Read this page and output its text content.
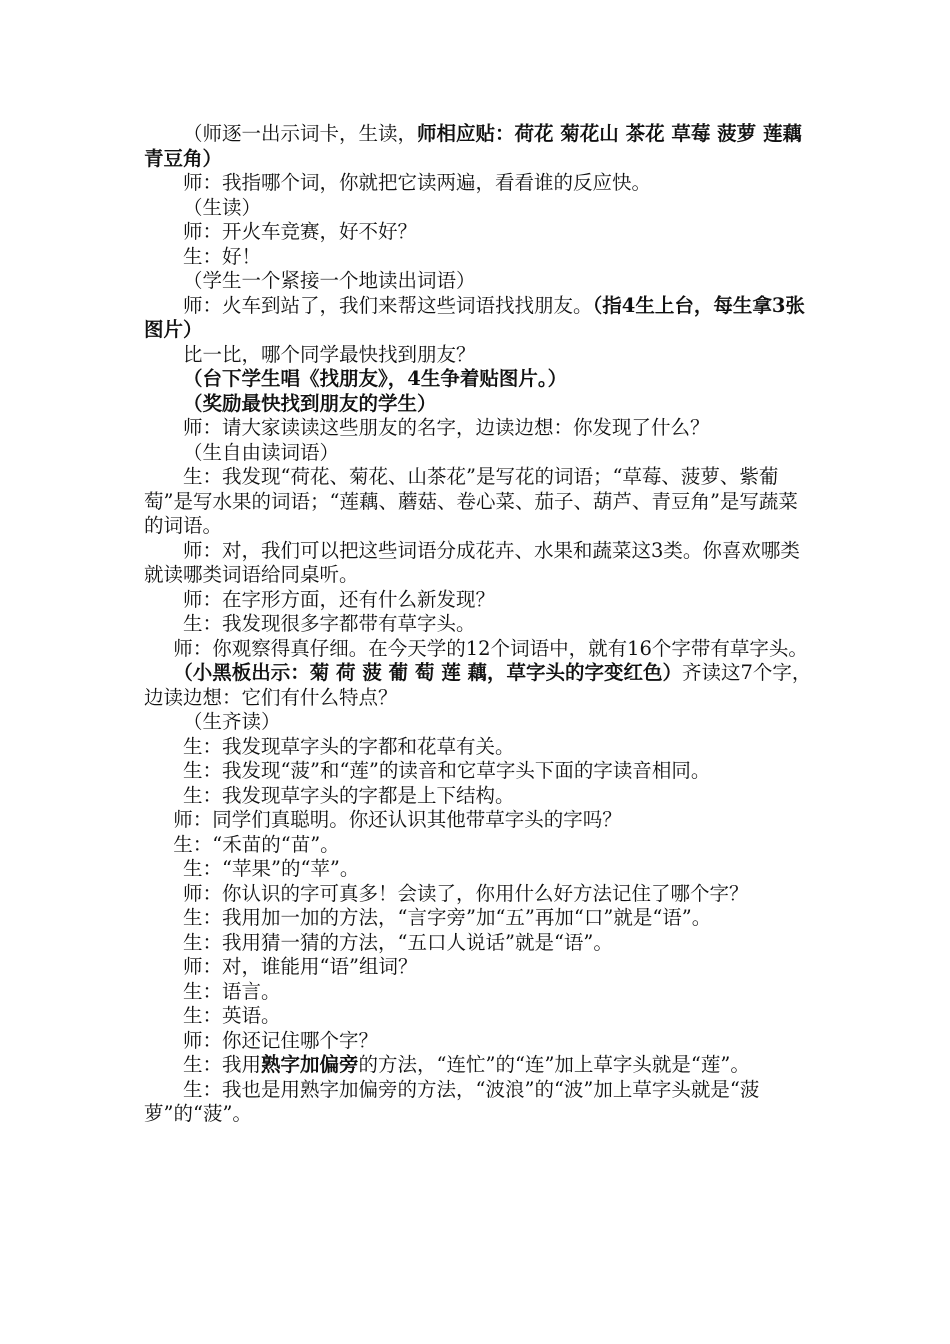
（师逐一出示词卡，生读，师相应贴：荷花 菊花山 茶花 草莓 菠萝 莲藕 青豆角）

师：我指哪个词，你就把它读两遍，看看谁的反应快。

（生读）

师：开火车竞赛，好不好？

生：好！

（学生一个紧接一个地读出词语）

师：火车到站了，我们来帮这些词语找找朋友。（指4生上台，每生拿3张图片）

比一比，哪个同学最快找到朋友？

（台下学生唱《找朋友》，4生争着贴图片。）

（奖励最快找到朋友的学生）

师：请大家读读这些朋友的名字，边读边想：你发现了什么？

（生自由读词语）

生：我发现“荷花、菊花、山茶花”是写花的词语；“草莓、菠萝、紫葡萄”是写水果的词语；“莲藕、蘑菇、卷心菜、茄子、葫芦、青豆角”是写蔬菜的词语。

师：对，我们可以把这些词语分成花卉、水果和蔬菜这3类。你喜欢哪类就读哪类词语给同桌听。

师：在字形方面，还有什么新发现？

生：我发现很多字都带有草字头。

师：你观察得真仔细。在今天学的12个词语中，就有16个字带有草字头。

（小黑板出示：菊 荷 菠 葡 萄 莲 藕，草字头的字变红色）齐读这7个字，边读边想：它们有什么特点？

（生齐读）

生：我发现草字头的字都和花草有关。

生：我发现“菠”和“莲”的读音和它草字头下面的字读音相同。

生：我发现草字头的字都是上下结构。

师：同学们真聪明。你还认识其他带草字头的字吗？

生：“禾苗的“苗”。

生：“苹果”的“苹”。

师：你认识的字可真多！会读了，你用什么好方法记住了哪个字？

生：我用加一加的方法，“言字旁”加“五”再加“口”就是“语”。

生：我用猜一猜的方法，“五口人说话”就是“语”。

师：对，谁能用“语”组词？

生：语言。

生：英语。

师：你还记住哪个字？

生：我用熟字加偏旁的方法，“连忙”的“连”加上草字头就是“莲”。

生：我也是用熟字加偏旁的方法，“波浪”的“波”加上草字头就是“菠萝”的“菠”。
